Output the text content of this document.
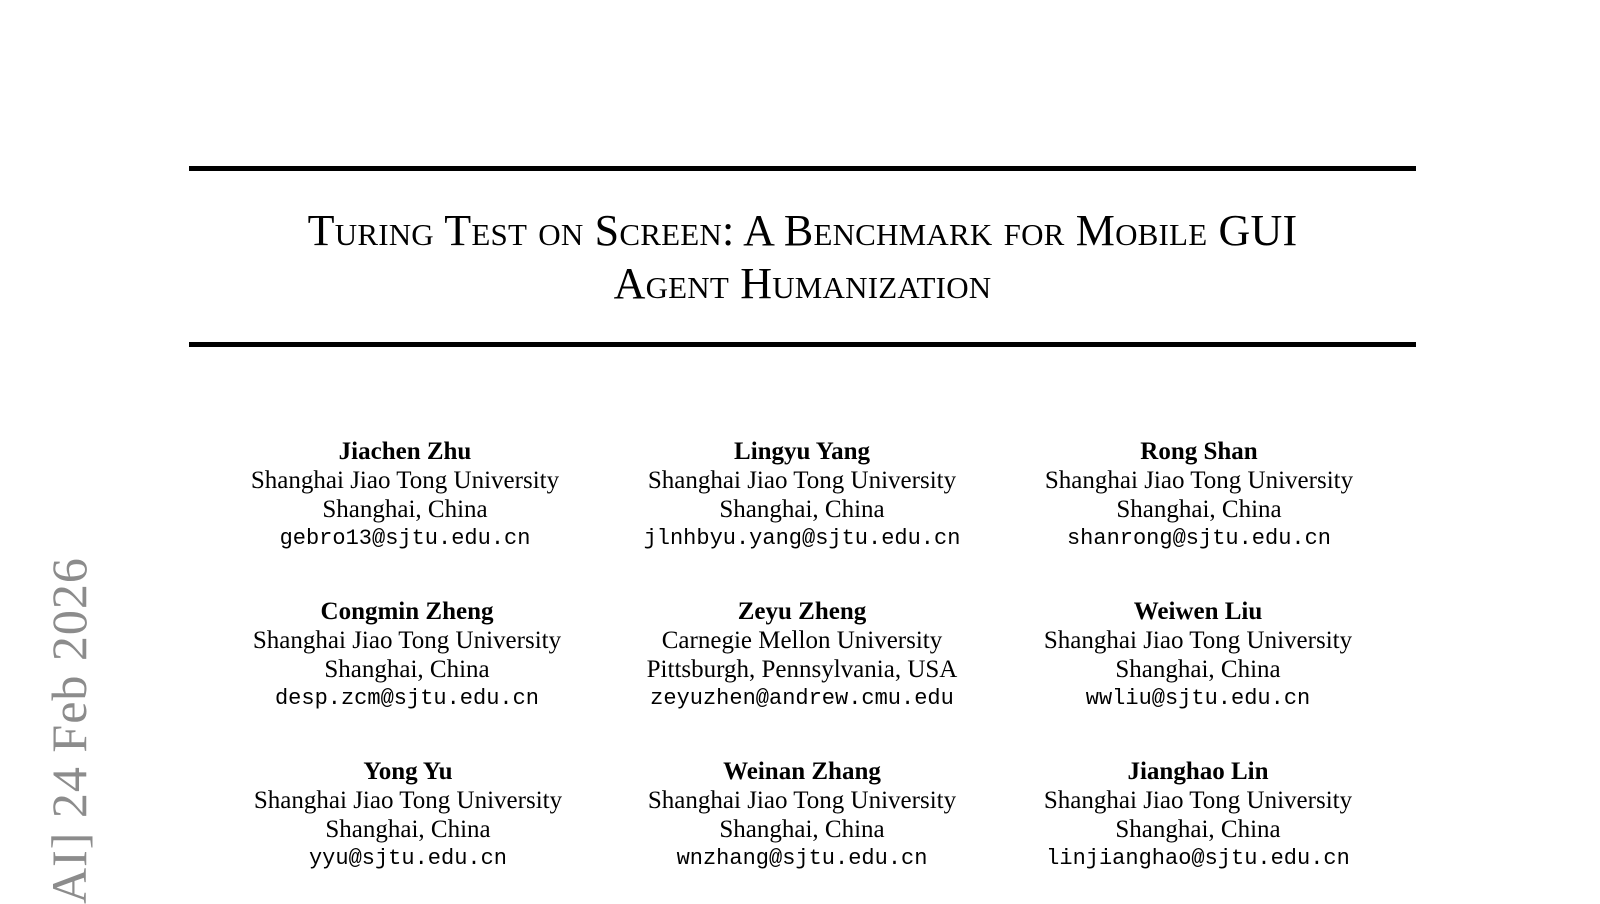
Turing Test on Screen: A Benchmark for Mobile GUI
Agent Humanization
Jiachen Zhu
Shanghai Jiao Tong University
Shanghai, China
gebro13@sjtu.edu.cn
Lingyu Yang
Shanghai Jiao Tong University
Shanghai, China
jlnhbyu.yang@sjtu.edu.cn
Rong Shan
Shanghai Jiao Tong University
Shanghai, China
shanrong@sjtu.edu.cn
Congmin Zheng
Shanghai Jiao Tong University
Shanghai, China
desp.zcm@sjtu.edu.cn
Zeyu Zheng
Carnegie Mellon University
Pittsburgh, Pennsylvania, USA
zeyuzhen@andrew.cmu.edu
Weiwen Liu
Shanghai Jiao Tong University
Shanghai, China
wwliu@sjtu.edu.cn
Yong Yu
Shanghai Jiao Tong University
Shanghai, China
yyu@sjtu.edu.cn
Weinan Zhang
Shanghai Jiao Tong University
Shanghai, China
wnzhang@sjtu.edu.cn
Jianghao Lin
Shanghai Jiao Tong University
Shanghai, China
linjianghao@sjtu.edu.cn
AI] 24 Feb 2026
